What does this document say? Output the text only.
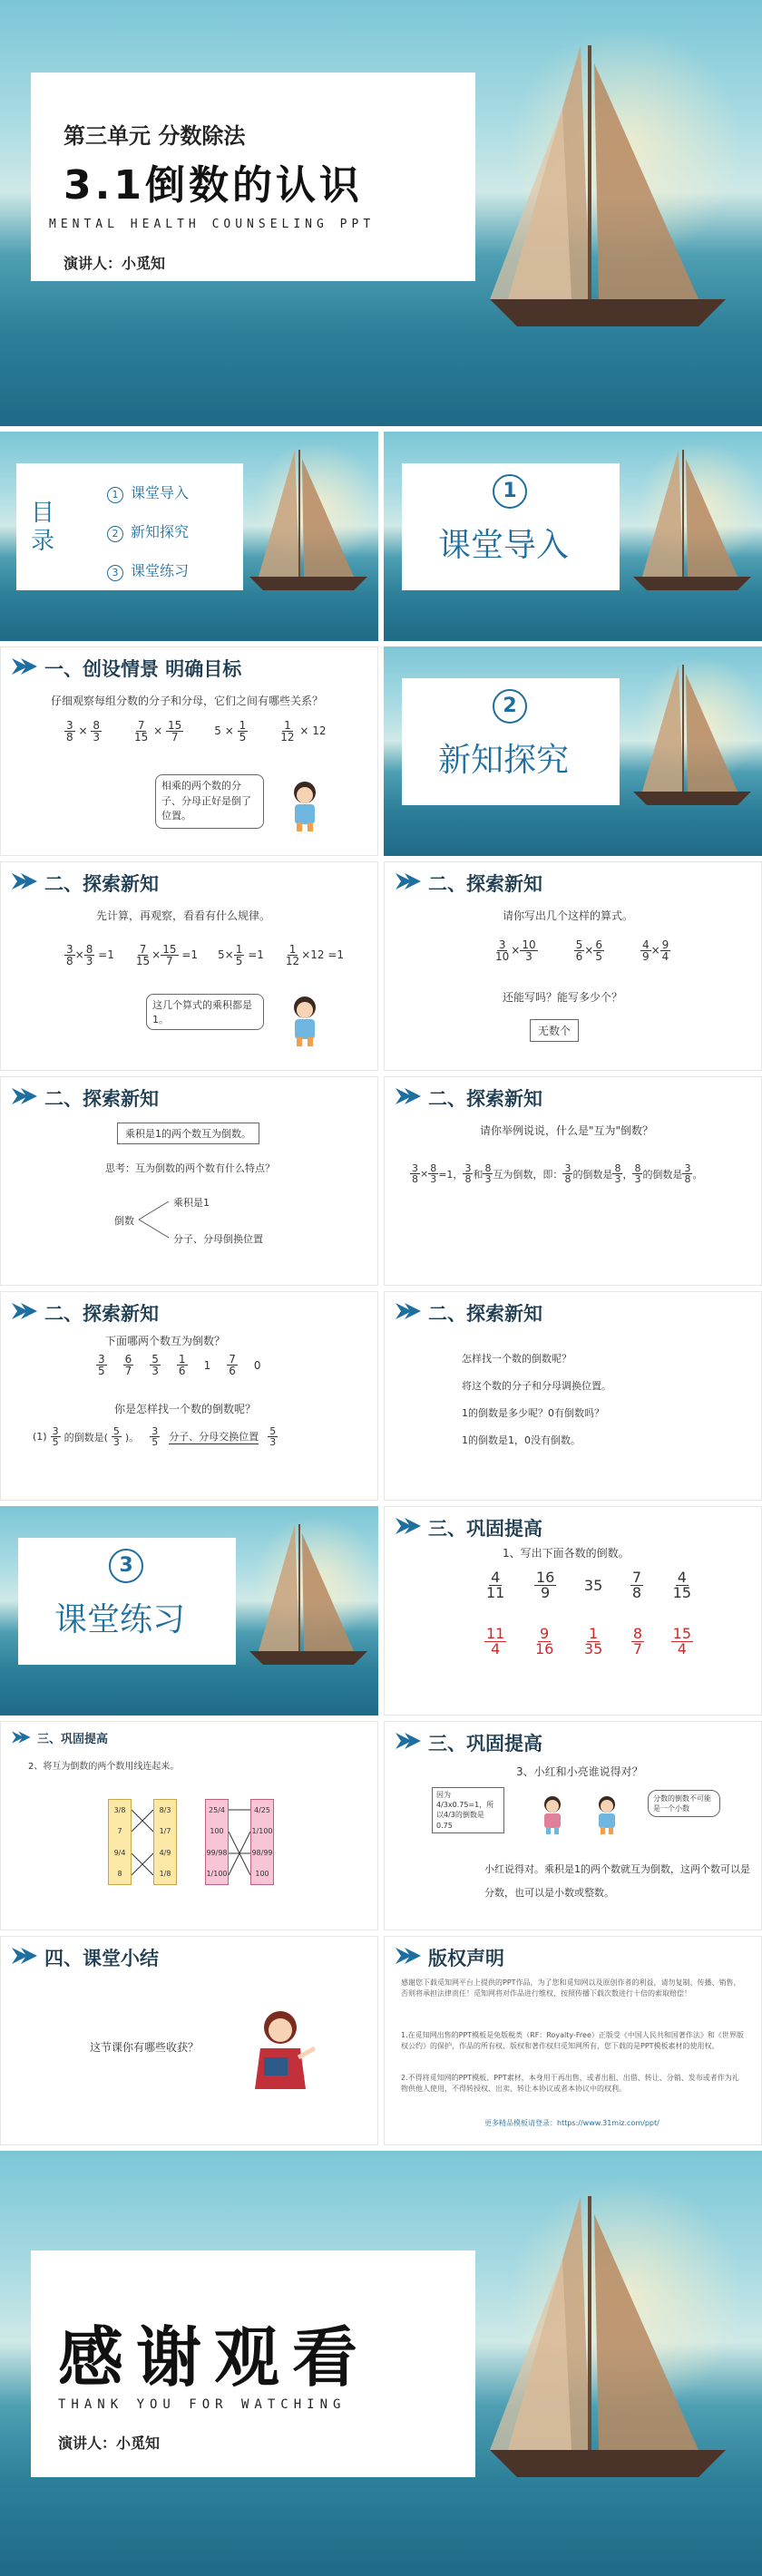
第三单元 分数除法
3.1倒数的认识
MENTAL HEALTH COUNSELING PPT
演讲人：小觅知
目录
1 课堂导入
2 新知探究
3 课堂练习
1
课堂导入
一、创设情景 明确目标
仔细观察每组分数的分子和分母，它们之间有哪些关系？
$\frac{3}{8} \times \frac{8}{3}$	$\frac{7}{15} \times \frac{15}{7}$	$5 \times \frac{1}{5}$	$\frac{1}{12} \times 12$
相乘的两个数的分子、分母正好是倒了位置。
2
新知探究
二、探索新知
先计算，再观察，看看有什么规律。
$\frac{3}{8} \times \frac{8}{3} =1 \frac{7}{15} \times \frac{15}{7} =1$ $5\times \frac{1}{5} =1 \frac{1}{12} \times 12 =1$
这几个算式的乘积都是1。
二、探索新知
请你写出几个这样的算式。
$\frac{3}{10} \times \frac{10}{3}$	$\frac{5}{6} \times \frac{6}{5}$	$\frac{4}{9} \times \frac{9}{4}$
还能写吗？能写多少个？
无数个
二、探索新知
乘积是1的两个数互为倒数。
思考：互为倒数的两个数有什么特点？
倒数
乘积是1
分子、分母倒换位置
二、探索新知
请你举例说说，什么是"互为"倒数？
$\frac{3}{8} \times \frac{8}{3} =1$， $\frac{3}{8}$ 和 $\frac{8}{3}$ 互为倒数，即： $\frac{3}{8}$ 的倒数是 $\frac{8}{3}$ ， $\frac{8}{3}$ 的倒数是 $\frac{3}{8}$ 。
二、探索新知
下面哪两个数互为倒数？
$\frac{3}{5} \frac{6}{7} \frac{5}{3} \frac{1}{6} 1 \frac{7}{6} 0$
你是怎样找一个数的倒数呢？
$(1) \frac{3}{5}$ 的倒数是( $\frac{5}{3}$ )。 $\frac{3}{5}$ 分子、分母交换位置 $\frac{5}{3}$
二、探索新知
怎样找一个数的倒数呢？
将这个数的分子和分母调换位置。
1的倒数是多少呢？0有倒数吗？
1的倒数是1，0没有倒数。
3
课堂练习
三、巩固提高
1、写出下面各数的倒数。
$\frac{4}{11} \frac{16}{9} 35 \frac{7}{8} \frac{4}{15}$
$\frac{11}{4} \frac{9}{16} \frac{1}{35} \frac{8}{7} \frac{15}{4}$
三、巩固提高
2、将互为倒数的两个数用线连起来。
3/8
7
9/4
8
8/3
1/7
4/9
1/8
25/4
100
99/98
1/100
4/25
1/100
98/99
100
三、巩固提高
3、小红和小亮谁说得对？
因为4/3x0.75=1，所以4/3的倒数是0.75
分数的倒数不可能是一个小数
小红说得对。乘积是1的两个数就互为倒数，这两个数可以是分数，也可以是小数或整数。
四、课堂小结
这节课你有哪些收获？
版权声明
感谢您下载觅知网平台上提供的PPT作品，为了您和觅知网以及原创作者的利益，请勿复制、传播、销售，否则将承担法律责任！觅知网将对作品进行维权，按照传播下载次数进行十倍的索取赔偿！
1.在觅知网出售的PPT模板是免版税类（RF：Royalty-Free）正版受《中国人民共和国著作法》和《世界版权公约》的保护，作品的所有权、版权和著作权归觅知网所有，您下载的是PPT模板素材的使用权。
2.不得将觅知网的PPT模板、PPT素材，本身用于再出售，或者出租、出借、转让、分销、发布或者作为礼物供他人使用，不得转授权、出卖、转让本协议或者本协议中的权利。
更多精品模板请登录：https://www.31miz.com/ppt/
感谢观看
THANK YOU FOR WATCHING
演讲人：小觅知
